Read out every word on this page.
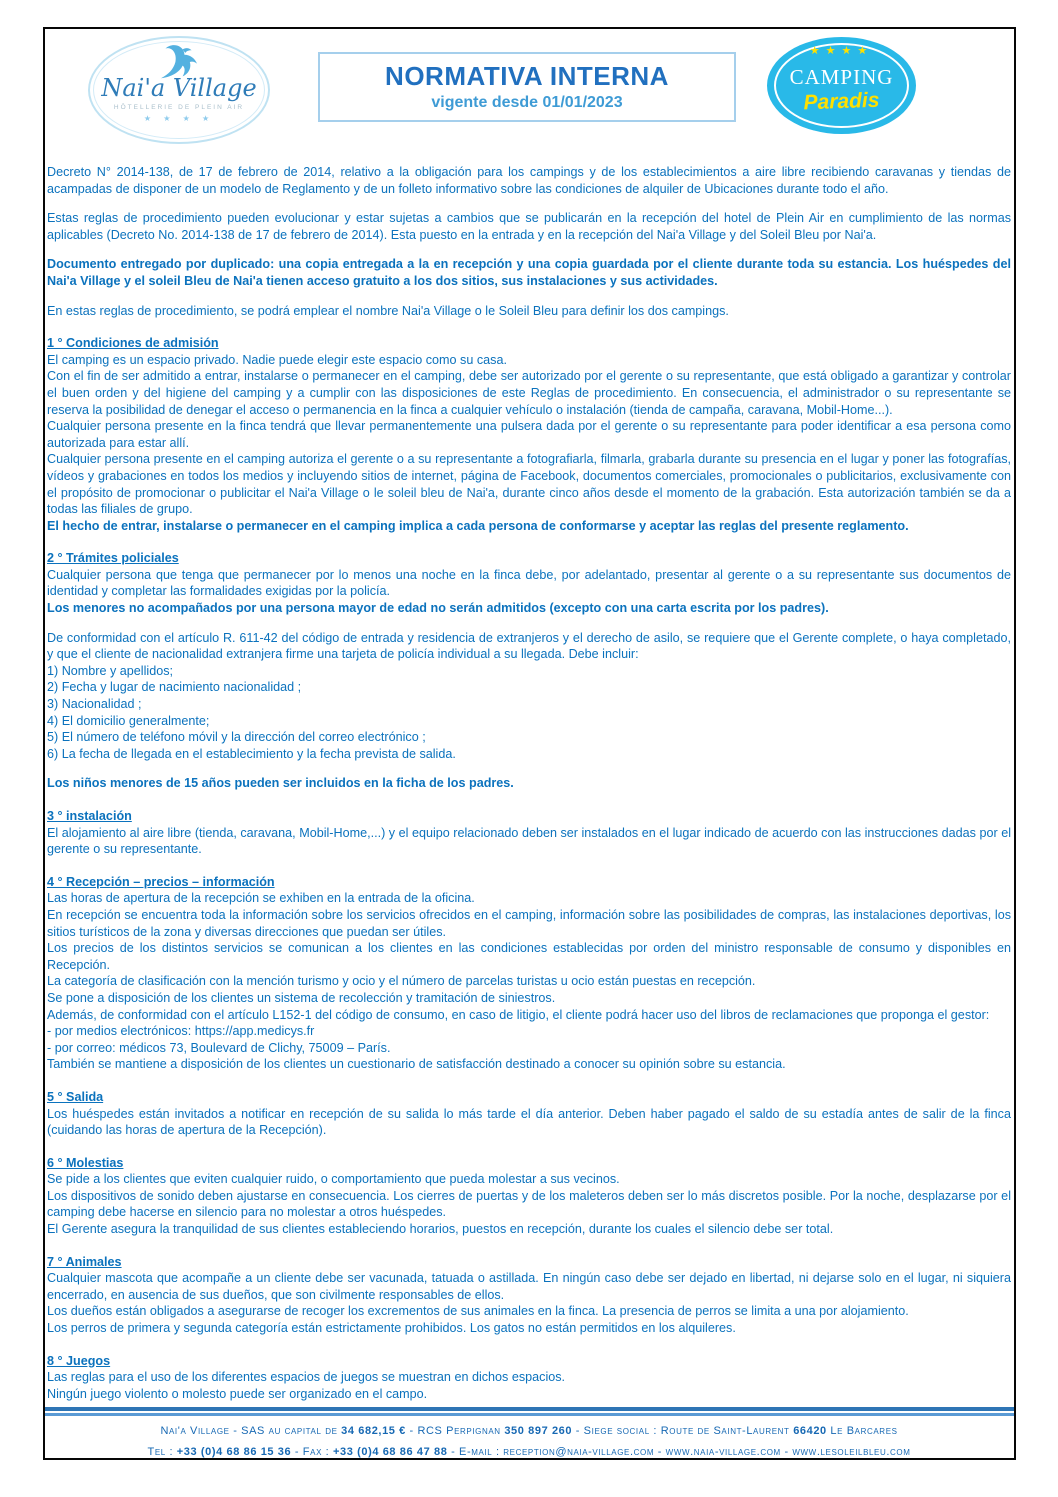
Nai'a Village
HÔTELLERIE DE PLEIN AIR
★ ★ ★ ★
NORMATIVA INTERNA
vigente desde 01/01/2023
★★★★
CAMPING
Paradis

Decreto N° 2014-138, de 17 de febrero de 2014, relativo a la obligación para los campings y de los establecimientos a aire libre recibiendo caravanas y tiendas de acampadas de disponer de un modelo de Reglamento y de un folleto informativo sobre las condiciones de alquiler de Ubicaciones durante todo el año.

Estas reglas de procedimiento pueden evolucionar y estar sujetas a cambios que se publicarán en la recepción del hotel de Plein Air en cumplimiento de las normas aplicables (Decreto No. 2014-138 de 17 de febrero de 2014). Esta puesto en la entrada y en la recepción del Nai'a Village y del Soleil Bleu por Nai'a.

Documento entregado por duplicado: una copia entregada a la en recepción y una copia guardada por el cliente durante toda su estancia. Los huéspedes del Nai'a Village y el soleil Bleu de Nai'a tienen acceso gratuito a los dos sitios, sus instalaciones y sus actividades.

En estas reglas de procedimiento, se podrá emplear el nombre Nai'a Village o le Soleil Bleu para definir los dos campings.

1 ° Condiciones de admisión

El camping es un espacio privado. Nadie puede elegir este espacio como su casa.

Con el fin de ser admitido a entrar, instalarse o permanecer en el camping, debe ser autorizado por el gerente o su representante, que está obligado a garantizar y controlar el buen orden y del higiene del camping y a cumplir con las disposiciones de este Reglas de procedimiento. En consecuencia, el administrador o su representante se reserva la posibilidad de denegar el acceso o permanencia en la finca a cualquier vehículo o instalación (tienda de campaña, caravana, Mobil-Home...).

Cualquier persona presente en la finca tendrá que llevar permanentemente una pulsera dada por el gerente o su representante para poder identificar a esa persona como autorizada para estar allí.

Cualquier persona presente en el camping autoriza el gerente o a su representante a fotografiarla, filmarla, grabarla durante su presencia en el lugar y poner las fotografías, vídeos y grabaciones en todos los medios y incluyendo sitios de internet, página de Facebook, documentos comerciales, promocionales o publicitarios, exclusivamente con el propósito de promocionar o publicitar el Nai'a Village o le soleil bleu de Nai'a, durante cinco años desde el momento de la grabación. Esta autorización también se da a todas las filiales de grupo.

El hecho de entrar, instalarse o permanecer en el camping implica a cada persona de conformarse y aceptar las reglas del presente reglamento.

2 ° Trámites policiales

Cualquier persona que tenga que permanecer por lo menos una noche en la finca debe, por adelantado, presentar al gerente o a su representante sus documentos de identidad y completar las formalidades exigidas por la policía.

Los menores no acompañados por una persona mayor de edad no serán admitidos (excepto con una carta escrita por los padres).

De conformidad con el artículo R. 611-42 del código de entrada y residencia de extranjeros y el derecho de asilo, se requiere que el Gerente complete, o haya completado, y que el cliente de nacionalidad extranjera firme una tarjeta de policía individual a su llegada. Debe incluir:

1) Nombre y apellidos;

2) Fecha y lugar de nacimiento nacionalidad ;

3) Nacionalidad ;

4) El domicilio generalmente;

5) El número de teléfono móvil y la dirección del correo electrónico ;

6) La fecha de llegada en el establecimiento y la fecha prevista de salida.

Los niños menores de 15 años pueden ser incluidos en la ficha de los padres.

3 ° instalación

El alojamiento al aire libre (tienda, caravana, Mobil-Home,...) y el equipo relacionado deben ser instalados en el lugar indicado de acuerdo con las instrucciones dadas por el gerente o su representante.

4 ° Recepción – precios – información

Las horas de apertura de la recepción se exhiben en la entrada de la oficina.

En recepción se encuentra toda la información sobre los servicios ofrecidos en el camping, información sobre las posibilidades de compras, las instalaciones deportivas, los sitios turísticos de la zona y diversas direcciones que puedan ser útiles.

Los precios de los distintos servicios se comunican a los clientes en las condiciones establecidas por orden del ministro responsable de consumo y disponibles en Recepción.

La categoría de clasificación con la mención turismo y ocio y el número de parcelas turistas u ocio están puestas en recepción.

Se pone a disposición de los clientes un sistema de recolección y tramitación de siniestros.

Además, de conformidad con el artículo L152-1 del código de consumo, en caso de litigio, el cliente podrá hacer uso del libros de reclamaciones que proponga el gestor:

- por medios electrónicos: https://app.medicys.fr

- por correo: médicos 73, Boulevard de Clichy, 75009 – París.

También se mantiene a disposición de los clientes un cuestionario de satisfacción destinado a conocer su opinión sobre su estancia.

5 ° Salida

Los huéspedes están invitados a notificar en recepción de su salida lo más tarde el día anterior. Deben haber pagado el saldo de su estadía antes de salir de la finca (cuidando las horas de apertura de la Recepción).

6 ° Molestias

Se pide a los clientes que eviten cualquier ruido, o comportamiento que pueda molestar a sus vecinos.

Los dispositivos de sonido deben ajustarse en consecuencia. Los cierres de puertas y de los maleteros deben ser lo más discretos posible. Por la noche, desplazarse por el camping debe hacerse en silencio para no molestar a otros huéspedes.

El Gerente asegura la tranquilidad de sus clientes estableciendo horarios, puestos en recepción, durante los cuales el silencio debe ser total.

7 ° Animales

Cualquier mascota que acompañe a un cliente debe ser vacunada, tatuada o astillada. En ningún caso debe ser dejado en libertad, ni dejarse solo en el lugar, ni siquiera encerrado, en ausencia de sus dueños, que son civilmente responsables de ellos.

Los dueños están obligados a asegurarse de recoger los excrementos de sus animales en la finca. La presencia de perros se limita a una por alojamiento.

Los perros de primera y segunda categoría están estrictamente prohibidos. Los gatos no están permitidos en los alquileres.

8 ° Juegos

Las reglas para el uso de los diferentes espacios de juegos se muestran en dichos espacios.

Ningún juego violento o molesto puede ser organizado en el campo.

Nai'a Village - SAS au capital de 34 682,15 € - RCS Perpignan 350 897 260 - Siege social : Route de Saint-Laurent 66420 Le Barcares
Tel : +33 (0)4 68 86 15 36 - Fax : +33 (0)4 68 86 47 88 - E-mail : reception@naia-village.com - www.naia-village.com - www.lesoleilbleu.com
